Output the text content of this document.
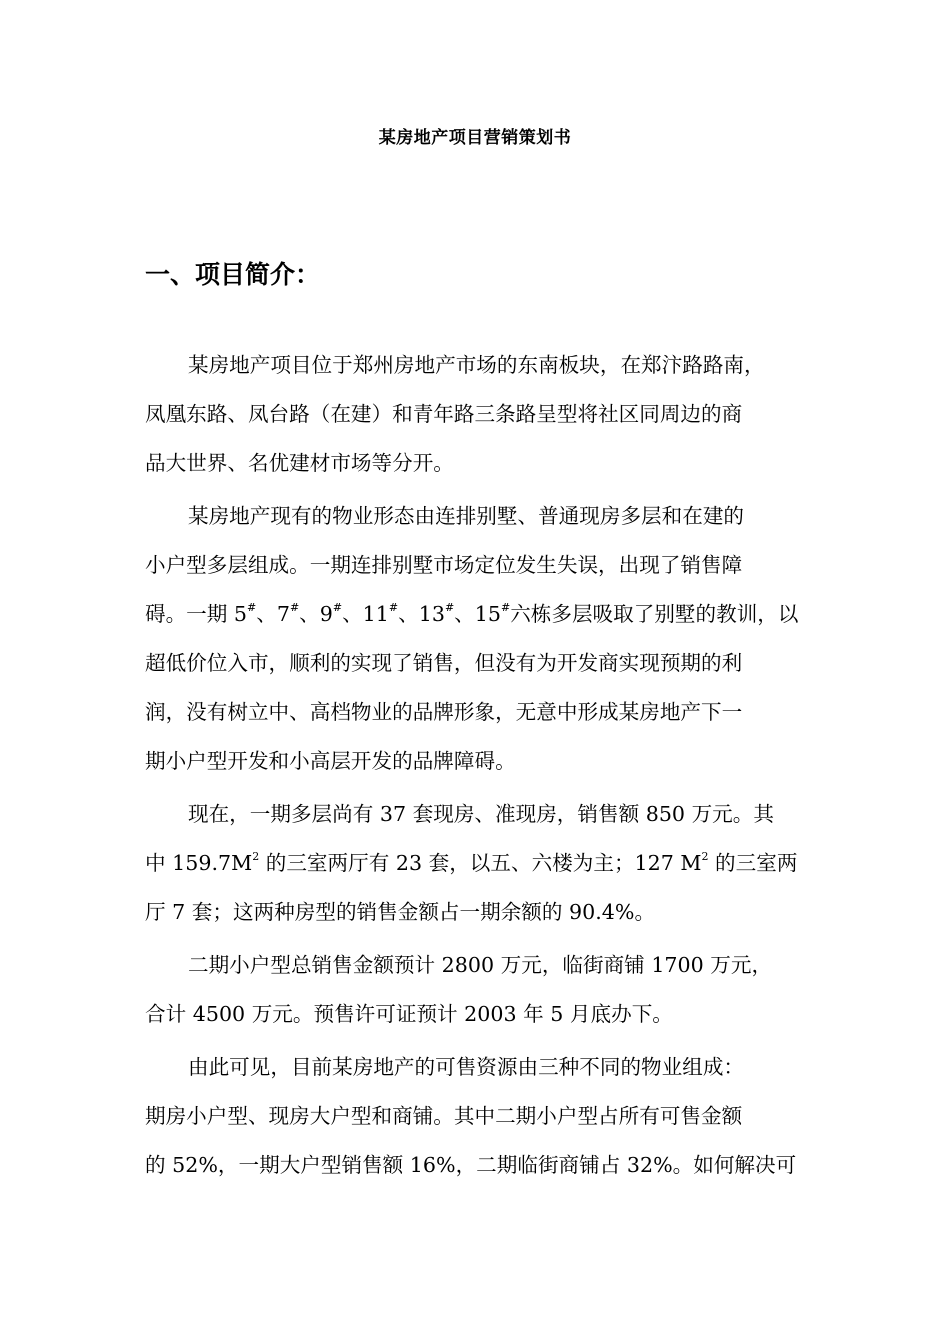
某房地产项目营销策划书
一、项目简介：
某房地产项目位于郑州房地产市场的东南板块，在郑汴路路南，
凤凰东路、凤台路（在建）和青年路三条路呈型将社区同周边的商
品大世界、名优建材市场等分开。
某房地产现有的物业形态由连排别墅、普通现房多层和在建的
小户型多层组成。一期连排别墅市场定位发生失误，出现了销售障
碍。一期 5#、7#、9#、11#、13#、15#六栋多层吸取了别墅的教训，以
超低价位入市，顺利的实现了销售，但没有为开发商实现预期的利
润，没有树立中、高档物业的品牌形象，无意中形成某房地产下一
期小户型开发和小高层开发的品牌障碍。
现在，一期多层尚有 37 套现房、准现房，销售额 850 万元。其
中 $159.7M^2$ 的三室两厅有 23 套，以五、六楼为主；127 $M^2$ 的三室两
厅 7 套；这两种房型的销售金额占一期余额的 90.4%。
二期小户型总销售金额预计 2800 万元，临街商铺 1700 万元，
合计 4500 万元。预售许可证预计 2003 年 5 月底办下。
由此可见，目前某房地产的可售资源由三种不同的物业组成：
期房小户型、现房大户型和商铺。其中二期小户型占所有可售金额
的 52%，一期大户型销售额 16%，二期临街商铺占 32%。如何解决可
